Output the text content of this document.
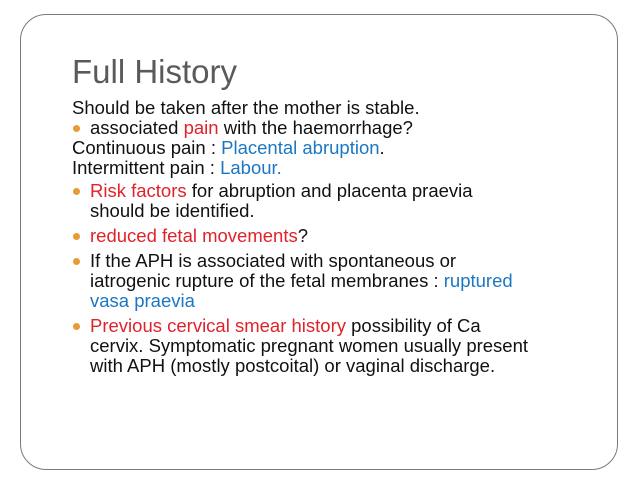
Full History
Should be taken after the mother is stable.
associated pain with the haemorrhage?
Continuous pain : Placental abruption.
Intermittent pain : Labour.
Risk factors for abruption and placenta praevia
should be identified.
reduced fetal movements?
If the APH is associated with spontaneous or
iatrogenic rupture of the fetal membranes : ruptured
vasa praevia
Previous cervical smear history possibility of Ca
cervix. Symptomatic pregnant women usually present
with APH (mostly postcoital) or vaginal discharge.
